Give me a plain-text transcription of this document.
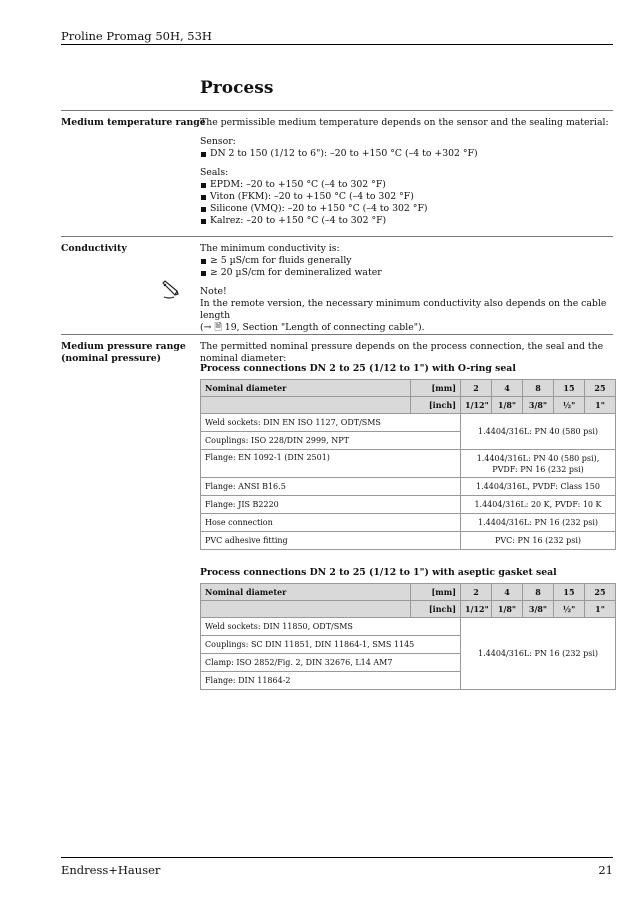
Proline Promag 50H, 53H
Process
Medium temperature range

The permissible medium temperature depends on the sensor and the sealing material:

Sensor:

DN 2 to 150 (1/12 to 6"): –20 to +150 °C (–4 to +302 °F)

Seals:

EPDM: –20 to +150 °C (–4 to 302 °F)

Viton (FKM): –20 to +150 °C (–4 to 302 °F)

Silicone (VMQ): –20 to +150 °C (–4 to 302 °F)

Kalrez: –20 to +150 °C (–4 to 302 °F)

Conductivity	The minimum conductivity is:

≥ 5 µS/cm for fluids generally

≥ 20 µS/cm for demineralized water

Note!

In the remote version, the necessary minimum conductivity also depends on the cable length

(→ 🗎 19, Section "Length of connecting cable").

Medium pressure range
(nominal pressure)
The permitted nominal pressure depends on the process connection, the seal and the nominal diameter:
Process connections DN 2 to 25 (1/12 to 1") with O-ring seal
Nominal diameter	[mm]	2	4	8	15	25
	[inch]	1/12"	1/8"	3/8"	½"	1"
Weld sockets: DIN EN ISO 1127, ODT/SMS		1.4404/316L: PN 40 (580 psi)				
Couplings: ISO 228/DIN 2999, NPT						
Flange: EN 1092-1 (DIN 2501)		1.4404/316L: PN 40 (580 psi),
PVDF: PN 16 (232 psi)				

Flange: ANSI B16.5		1.4404/316L, PVDF: Class 150				
Flange: JIS B2220		1.4404/316L: 20 K, PVDF: 10 K				
Hose connection		1.4404/316L: PN 16 (232 psi)				
PVC adhesive fitting		PVC: PN 16 (232 psi)				
Process connections DN 2 to 25 (1/12 to 1") with aseptic gasket seal
Nominal diameter	[mm]	2	4	8	15	25
	[inch]	1/12"	1/8"	3/8"	½"	1"
Weld sockets: DIN 11850, ODT/SMS		1.4404/316L: PN 16 (232 psi)				
Couplings: SC DIN 11851, DIN 11864-1, SMS 1145						
Clamp: ISO 2852/Fig. 2, DIN 32676, L14 AM7						
Flange: DIN 11864-2						
Endress+Hauser	21
